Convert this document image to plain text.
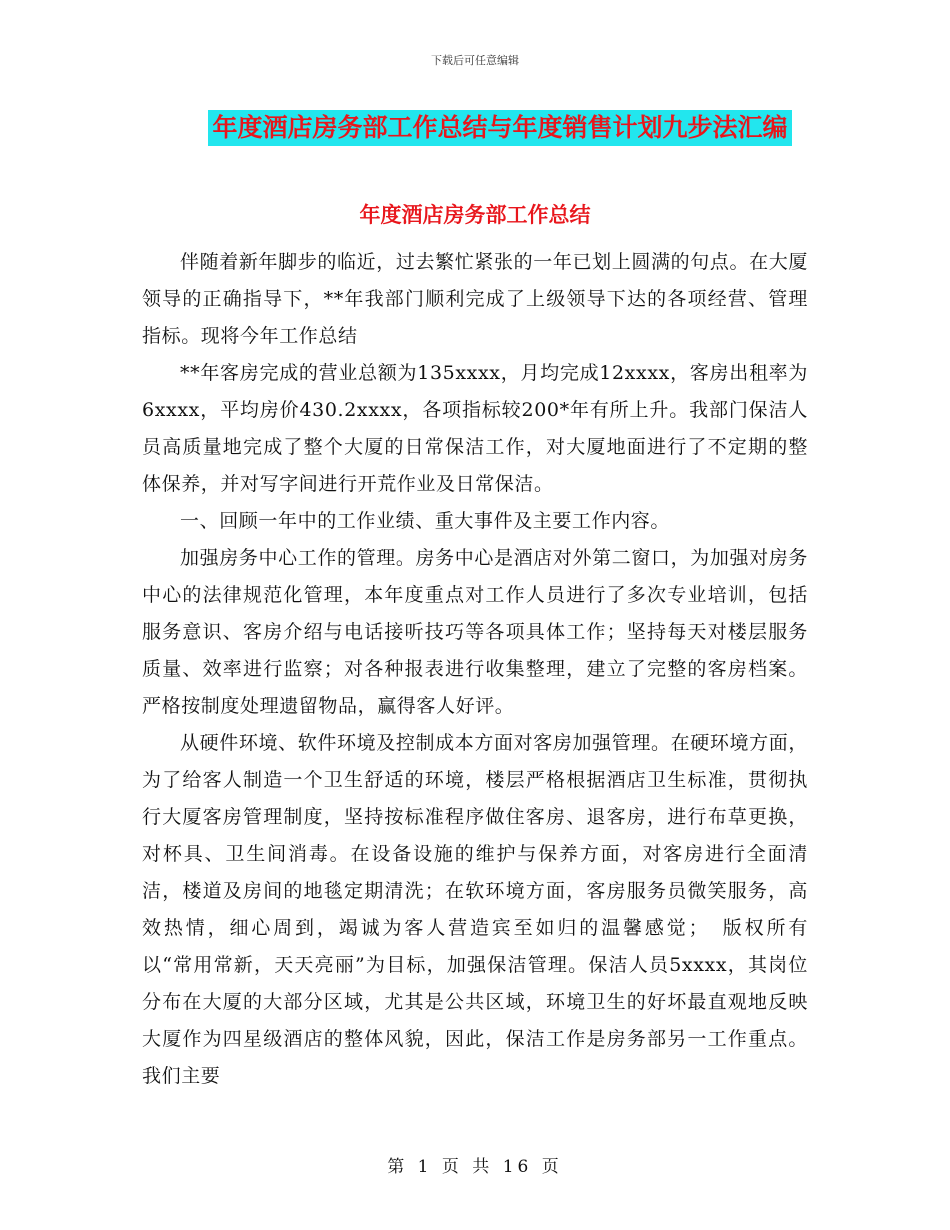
下载后可任意编辑
年度酒店房务部工作总结与年度销售计划九步法汇编
年度酒店房务部工作总结

伴随着新年脚步的临近，过去繁忙紧张的一年已划上圆满的句点。在大厦领导的正确指导下，**年我部门顺利完成了上级领导下达的各项经营、管理指标。现将今年工作总结

**年客房完成的营业总额为135xxxx，月均完成12xxxx，客房出租率为6xxxx，平均房价430.2xxxx，各项指标较200*年有所上升。我部门保洁人员高质量地完成了整个大厦的日常保洁工作，对大厦地面进行了不定期的整体保养，并对写字间进行开荒作业及日常保洁。

一、回顾一年中的工作业绩、重大事件及主要工作内容。

加强房务中心工作的管理。房务中心是酒店对外第二窗口，为加强对房务中心的法律规范化管理，本年度重点对工作人员进行了多次专业培训，包括服务意识、客房介绍与电话接听技巧等各项具体工作；坚持每天对楼层服务质量、效率进行监察；对各种报表进行收集整理，建立了完整的客房档案。严格按制度处理遗留物品，赢得客人好评。

从硬件环境、软件环境及控制成本方面对客房加强管理。在硬环境方面，为了给客人制造一个卫生舒适的环境，楼层严格根据酒店卫生标准，贯彻执行大厦客房管理制度，坚持按标准程序做住客房、退客房，进行布草更换，对杯具、卫生间消毒。在设备设施的维护与保养方面，对客房进行全面清洁，楼道及房间的地毯定期清洗；在软环境方面，客房服务员微笑服务，高效热情，细心周到，竭诚为客人营造宾至如归的温馨感觉；　版权所有　　以“常用常新，天天亮丽”为目标，加强保洁管理。保洁人员5xxxx，其岗位分布在大厦的大部分区域，尤其是公共区域，环境卫生的好坏最直观地反映大厦作为四星级酒店的整体风貌，因此，保洁工作是房务部另一工作重点。我们主要

第 1 页 共 16 页
